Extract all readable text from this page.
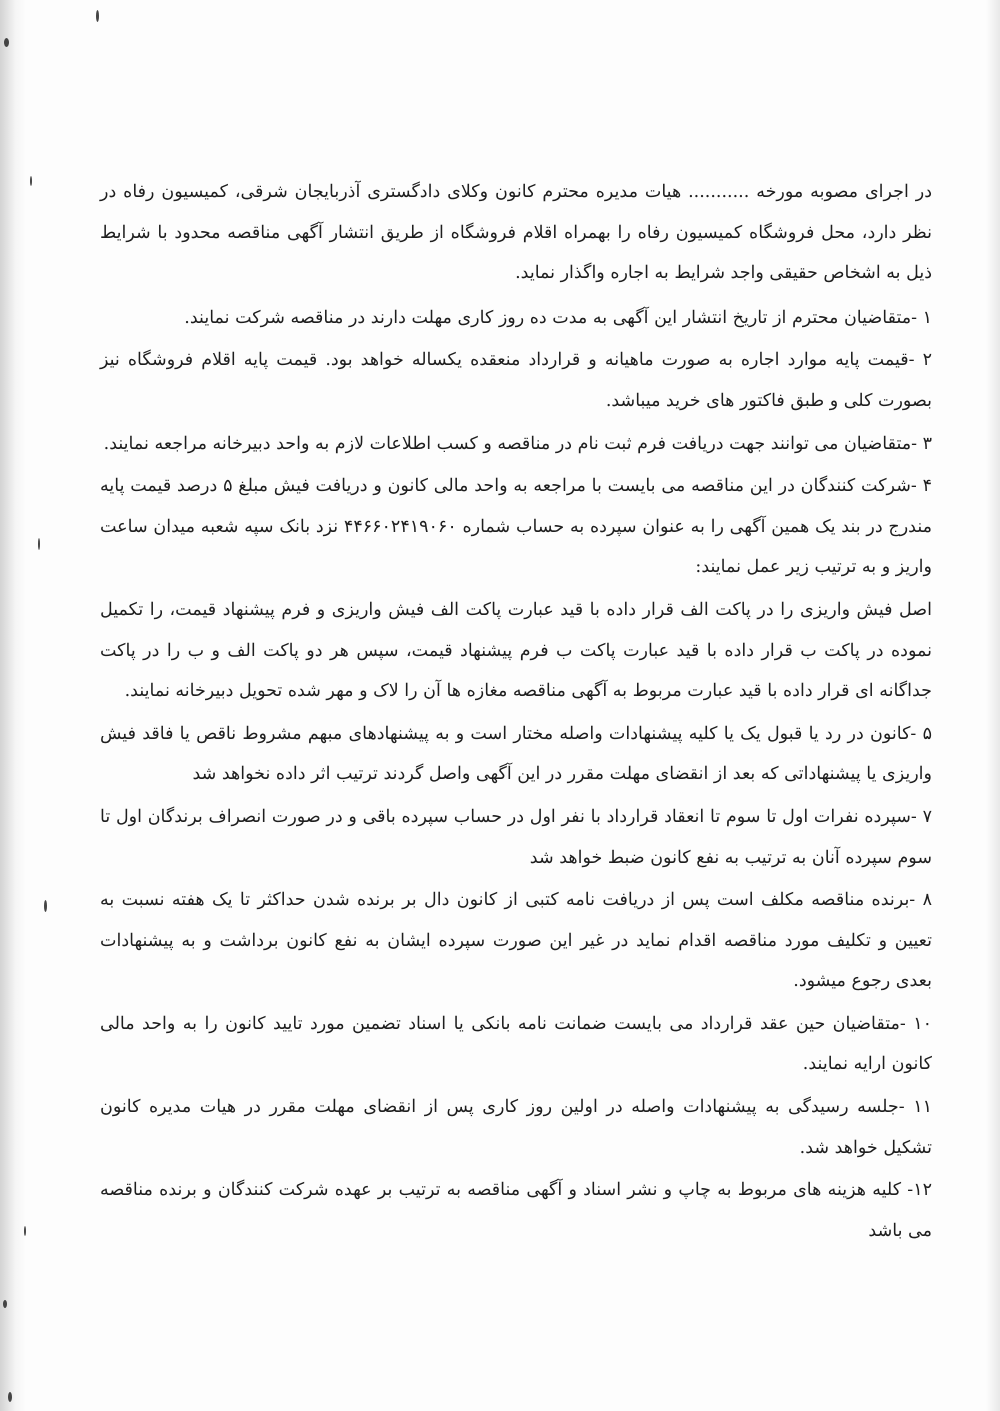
در اجرای مصوبه مورخه ........... هیات مدیره محترم کانون وکلای دادگستری آذربایجان شرقی، کمیسیون رفاه در نظر دارد، محل فروشگاه کمیسیون رفاه را بهمراه اقلام فروشگاه از طریق انتشار آگهی مناقصه محدود با شرایط ذیل به اشخاص حقیقی واجد شرایط به اجاره واگذار نماید.

۱ -متقاضیان محترم از تاریخ انتشار این آگهی به مدت ده روز کاری مهلت دارند در مناقصه شرکت نمایند.

۲ -قیمت پایه موارد اجاره به صورت ماهیانه و قرارداد منعقده یکساله خواهد بود. قیمت پایه اقلام فروشگاه نیز بصورت کلی و طبق فاکتور های خرید میباشد.

۳ -متقاضیان می توانند جهت دریافت فرم ثبت نام در مناقصه و کسب اطلاعات لازم به واحد دبیرخانه مراجعه نمایند.

۴ -شرکت کنندگان در این مناقصه می بایست با مراجعه به واحد مالی کانون و دریافت فیش مبلغ ۵ درصد قیمت پایه مندرج در بند یک همین آگهی را به عنوان سپرده به حساب شماره ۴۴۶۶۰۲۴۱۹۰۶۰ نزد بانک سپه شعبه میدان ساعت واریز و به ترتیب زیر عمل نمایند:

اصل فیش واریزی را در پاکت الف قرار داده با قید عبارت پاکت الف فیش واریزی و فرم پیشنهاد قیمت، را تکمیل نموده در پاکت ب قرار داده با قید عبارت پاکت ب فرم پیشنهاد قیمت، سپس هر دو پاکت الف و ب را در پاکت جداگانه ای قرار داده با قید عبارت مربوط به آگهی مناقصه مغازه ها آن را لاک و مهر شده تحویل دبیرخانه نمایند.

۵ -کانون در رد یا قبول یک یا کلیه پیشنهادات واصله مختار است و به پیشنهادهای مبهم مشروط ناقص یا فاقد فیش واریزی یا پیشنهاداتی که بعد از انقضای مهلت مقرر در این آگهی واصل گردند ترتیب اثر داده نخواهد شد

۷ -سپرده نفرات اول تا سوم تا انعقاد قرارداد با نفر اول در حساب سپرده باقی و در صورت انصراف برندگان اول تا سوم سپرده آنان به ترتیب به نفع کانون ضبط خواهد شد

۸ -برنده مناقصه مکلف است پس از دریافت نامه کتبی از کانون دال بر برنده شدن حداکثر تا یک هفته نسبت به تعیین و تکلیف مورد مناقصه اقدام نماید در غیر این صورت سپرده ایشان به نفع کانون برداشت و به پیشنهادات بعدی رجوع میشود.

۱۰ -متقاضیان حین عقد قرارداد می بایست ضمانت نامه بانکی یا اسناد تضمین مورد تایید کانون را به واحد مالی کانون ارایه نمایند.

۱۱ -جلسه رسیدگی به پیشنهادات واصله در اولین روز کاری پس از انقضای مهلت مقرر در هیات مدیره کانون تشکیل خواهد شد.

۱۲- کلیه هزینه های مربوط به چاپ و نشر اسناد و آگهی مناقصه به ترتیب بر عهده شرکت کنندگان و برنده مناقصه می باشد
